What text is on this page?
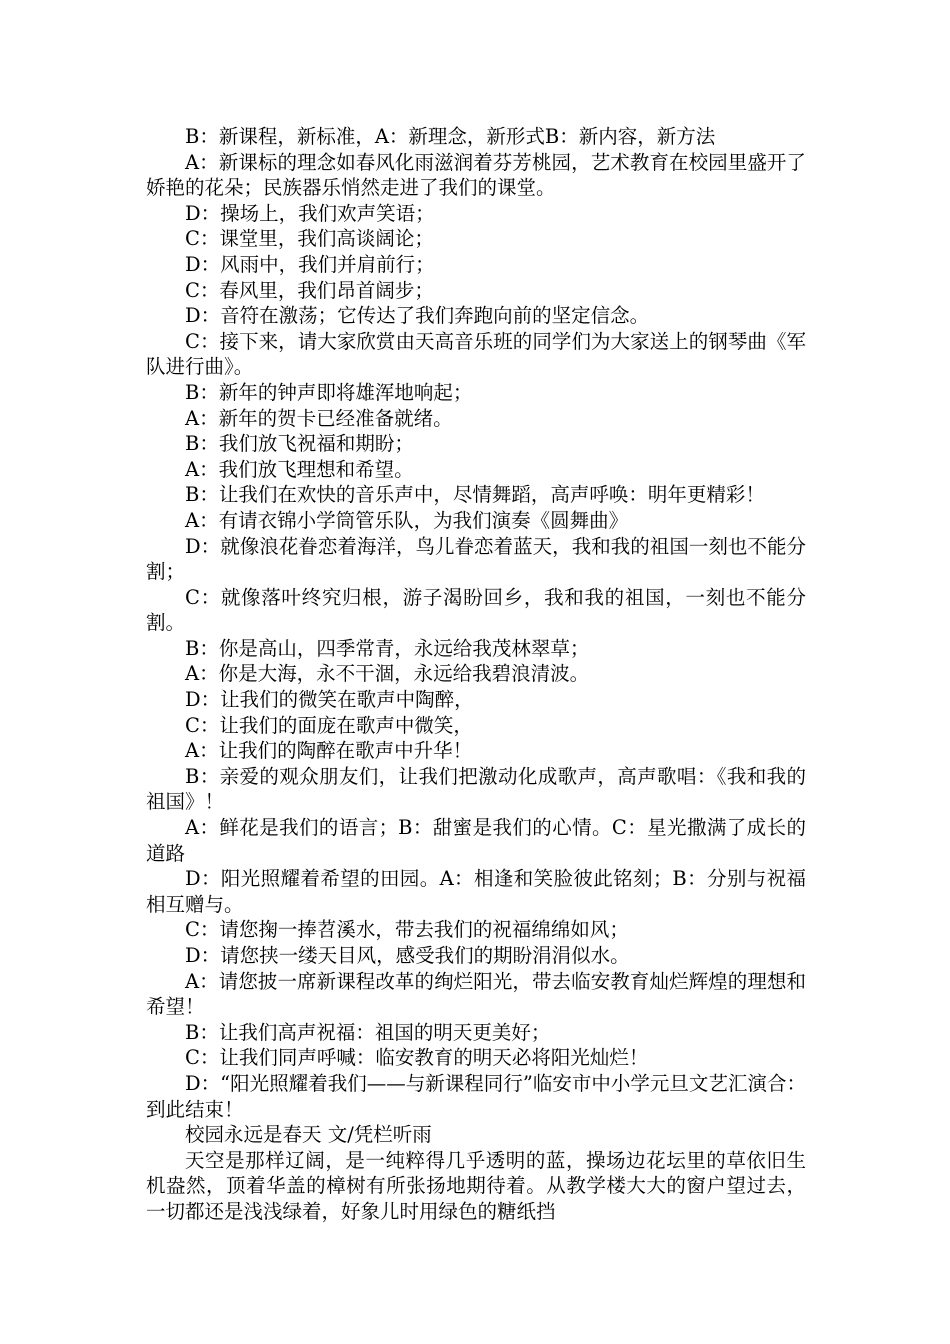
B：新课程，新标准，A：新理念，新形式B：新内容，新方法

A：新课标的理念如春风化雨滋润着芬芳桃园，艺术教育在校园里盛开了娇艳的花朵；民族器乐悄然走进了我们的课堂。

D：操场上，我们欢声笑语；

C：课堂里，我们高谈阔论；

D：风雨中，我们并肩前行；

C：春风里，我们昂首阔步；

D：音符在激荡；它传达了我们奔跑向前的坚定信念。

C：接下来，请大家欣赏由天高音乐班的同学们为大家送上的钢琴曲《军队进行曲》。

B：新年的钟声即将雄浑地响起；

A：新年的贺卡已经准备就绪。

B：我们放飞祝福和期盼；

A：我们放飞理想和希望。

B：让我们在欢快的音乐声中，尽情舞蹈，高声呼唤：明年更精彩！

A：有请衣锦小学筒管乐队，为我们演奏《圆舞曲》

D：就像浪花眷恋着海洋，鸟儿眷恋着蓝天，我和我的祖国一刻也不能分割；

C：就像落叶终究归根，游子渴盼回乡，我和我的祖国，一刻也不能分割。

B：你是高山，四季常青，永远给我茂林翠草；

A：你是大海，永不干涸，永远给我碧浪清波。

D：让我们的微笑在歌声中陶醉，

C：让我们的面庞在歌声中微笑，

A：让我们的陶醉在歌声中升华！

B：亲爱的观众朋友们，让我们把激动化成歌声，高声歌唱：《我和我的祖国》！

A：鲜花是我们的语言；B：甜蜜是我们的心情。C：星光撒满了成长的道路

D：阳光照耀着希望的田园。A：相逢和笑脸彼此铭刻；B：分别与祝福相互赠与。

C：请您掬一捧苕溪水，带去我们的祝福绵绵如风；

D：请您挟一缕天目风，感受我们的期盼涓涓似水。

A：请您披一席新课程改革的绚烂阳光，带去临安教育灿烂辉煌的理想和希望！

B：让我们高声祝福：祖国的明天更美好；

C：让我们同声呼喊：临安教育的明天必将阳光灿烂！

D：“阳光照耀着我们——与新课程同行”临安市中小学元旦文艺汇演合：到此结束！

校园永远是春天 文/凭栏听雨

天空是那样辽阔，是一纯粹得几乎透明的蓝，操场边花坛里的草依旧生机盎然，顶着华盖的樟树有所张扬地期待着。从教学楼大大的窗户望过去，一切都还是浅浅绿着，好象儿时用绿色的糖纸挡
